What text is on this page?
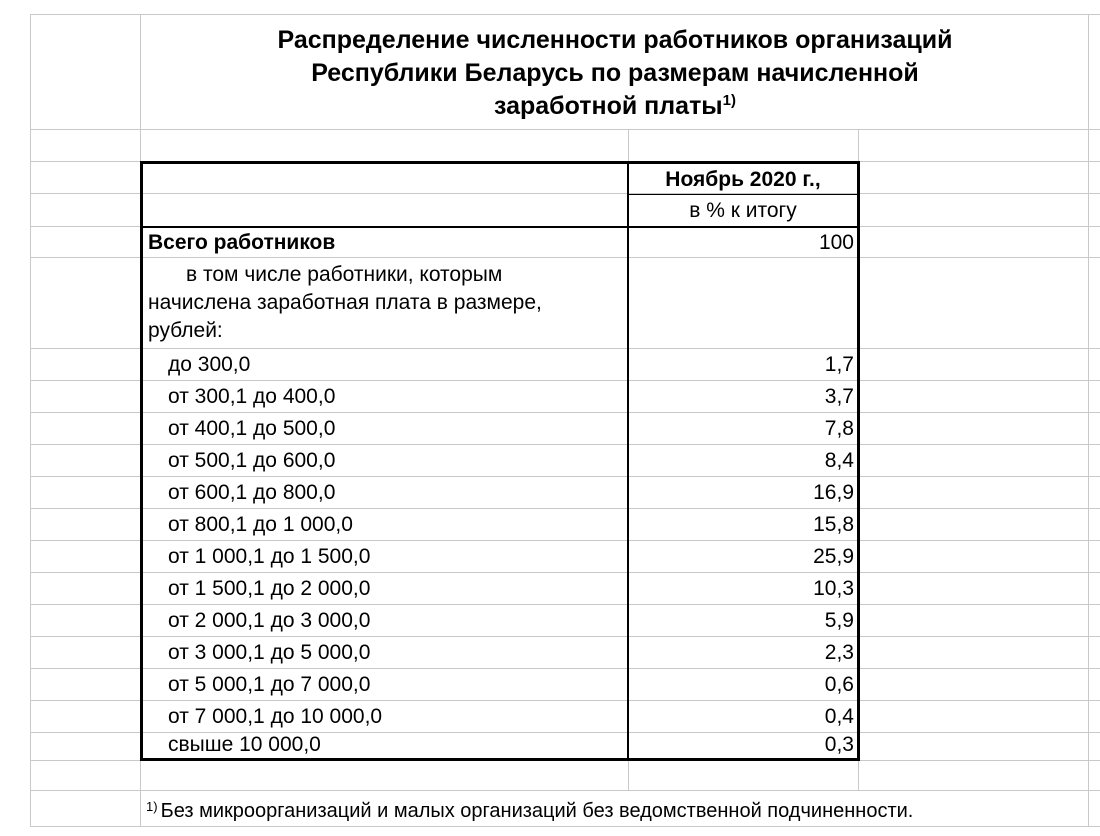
Распределение численности работников организаций
Республики Беларусь по размерам начисленной
заработной платы$^{1)}$
Ноябрь 2020 г.,
в % к итогу
Всего работников	100
в том числе работники, которым
начислена заработная плата в размере,
рублей:
до 300,0	1,7
от 300,1 до 400,0	3,7
от 400,1 до 500,0	7,8
от 500,1 до 600,0	8,4
от 600,1 до 800,0	16,9
от 800,1 до 1 000,0	15,8
от 1 000,1 до 1 500,0	25,9
от 1 500,1 до 2 000,0	10,3
от 2 000,1 до 3 000,0	5,9
от 3 000,1 до 5 000,0	2,3
от 5 000,1 до 7 000,0	0,6
от 7 000,1 до 10 000,0	0,4
свыше 10 000,0	0,3
$^{1)}$ Без микроорганизаций и малых организаций без ведомственной подчиненности.
